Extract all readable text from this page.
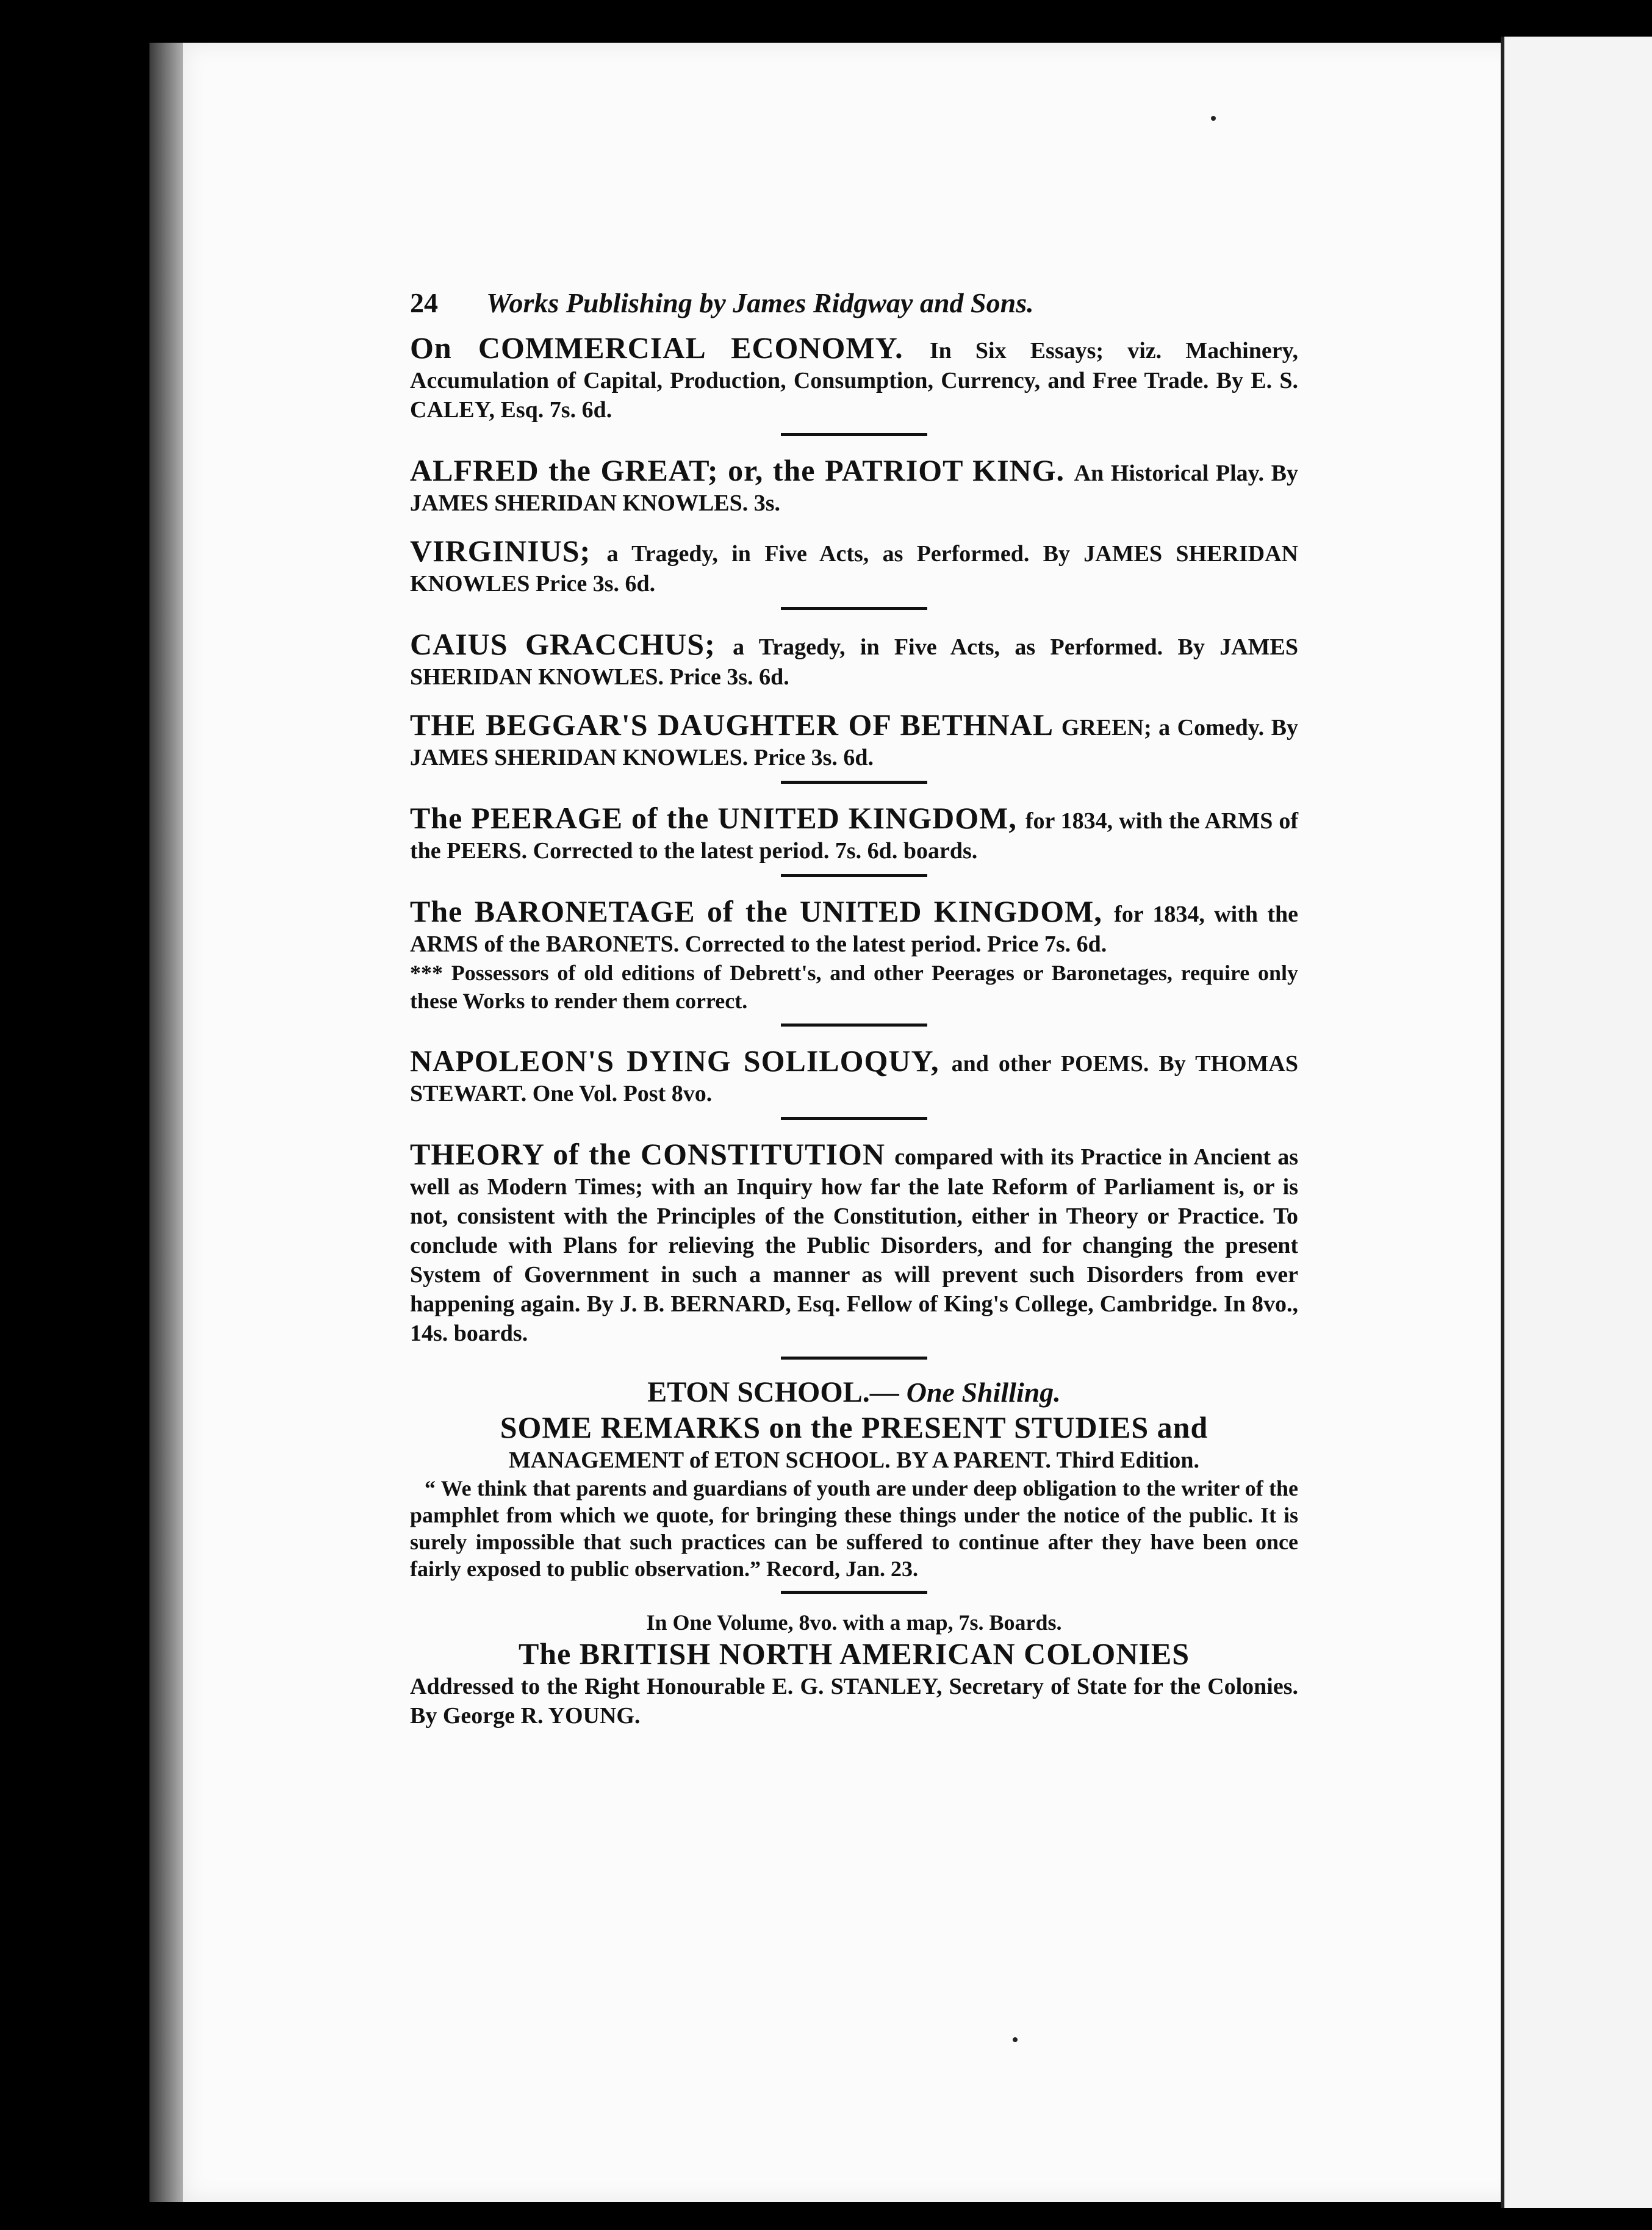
24	Works Publishing by James Ridgway and Sons.
On COMMERCIAL ECONOMY. In Six Essays; viz. Machinery, Accumulation of Capital, Production, Consumption, Currency, and Free Trade. By E. S. CALEY, Esq. 7s. 6d.
ALFRED the GREAT; or, the PATRIOT KING. An Historical Play. By JAMES SHERIDAN KNOWLES. 3s.
VIRGINIUS; a Tragedy, in Five Acts, as Performed. By JAMES SHERIDAN KNOWLES Price 3s. 6d.
CAIUS GRACCHUS; a Tragedy, in Five Acts, as Performed. By JAMES SHERIDAN KNOWLES. Price 3s. 6d.
THE BEGGAR'S DAUGHTER OF BETHNAL GREEN; a Comedy. By JAMES SHERIDAN KNOWLES. Price 3s. 6d.
The PEERAGE of the UNITED KINGDOM, for 1834, with the ARMS of the PEERS. Corrected to the latest period. 7s. 6d. boards.
The BARONETAGE of the UNITED KINGDOM, for 1834, with the ARMS of the BARONETS. Corrected to the latest period. Price 7s. 6d.
*** Possessors of old editions of Debrett's, and other Peerages or Baronetages, require only these Works to render them correct.
NAPOLEON'S DYING SOLILOQUY, and other POEMS. By THOMAS STEWART. One Vol. Post 8vo.
THEORY of the CONSTITUTION compared with its Practice in Ancient as well as Modern Times; with an Inquiry how far the late Reform of Parliament is, or is not, consistent with the Principles of the Constitution, either in Theory or Practice. To conclude with Plans for relieving the Public Disorders, and for changing the present System of Government in such a manner as will prevent such Disorders from ever happening again. By J. B. BERNARD, Esq. Fellow of King's College, Cambridge. In 8vo., 14s. boards.
ETON SCHOOL.— One Shilling.
SOME REMARKS on the PRESENT STUDIES and
MANAGEMENT of ETON SCHOOL. BY A PARENT. Third Edition.
“ We think that parents and guardians of youth are under deep obligation to the writer of the pamphlet from which we quote, for bringing these things under the notice of the public. It is surely impossible that such practices can be suffered to continue after they have been once fairly exposed to public observation.” Record, Jan. 23.
In One Volume, 8vo. with a map, 7s. Boards.
The BRITISH NORTH AMERICAN COLONIES
Addressed to the Right Honourable E. G. STANLEY, Secretary of State for the Colonies. By George R. YOUNG.
